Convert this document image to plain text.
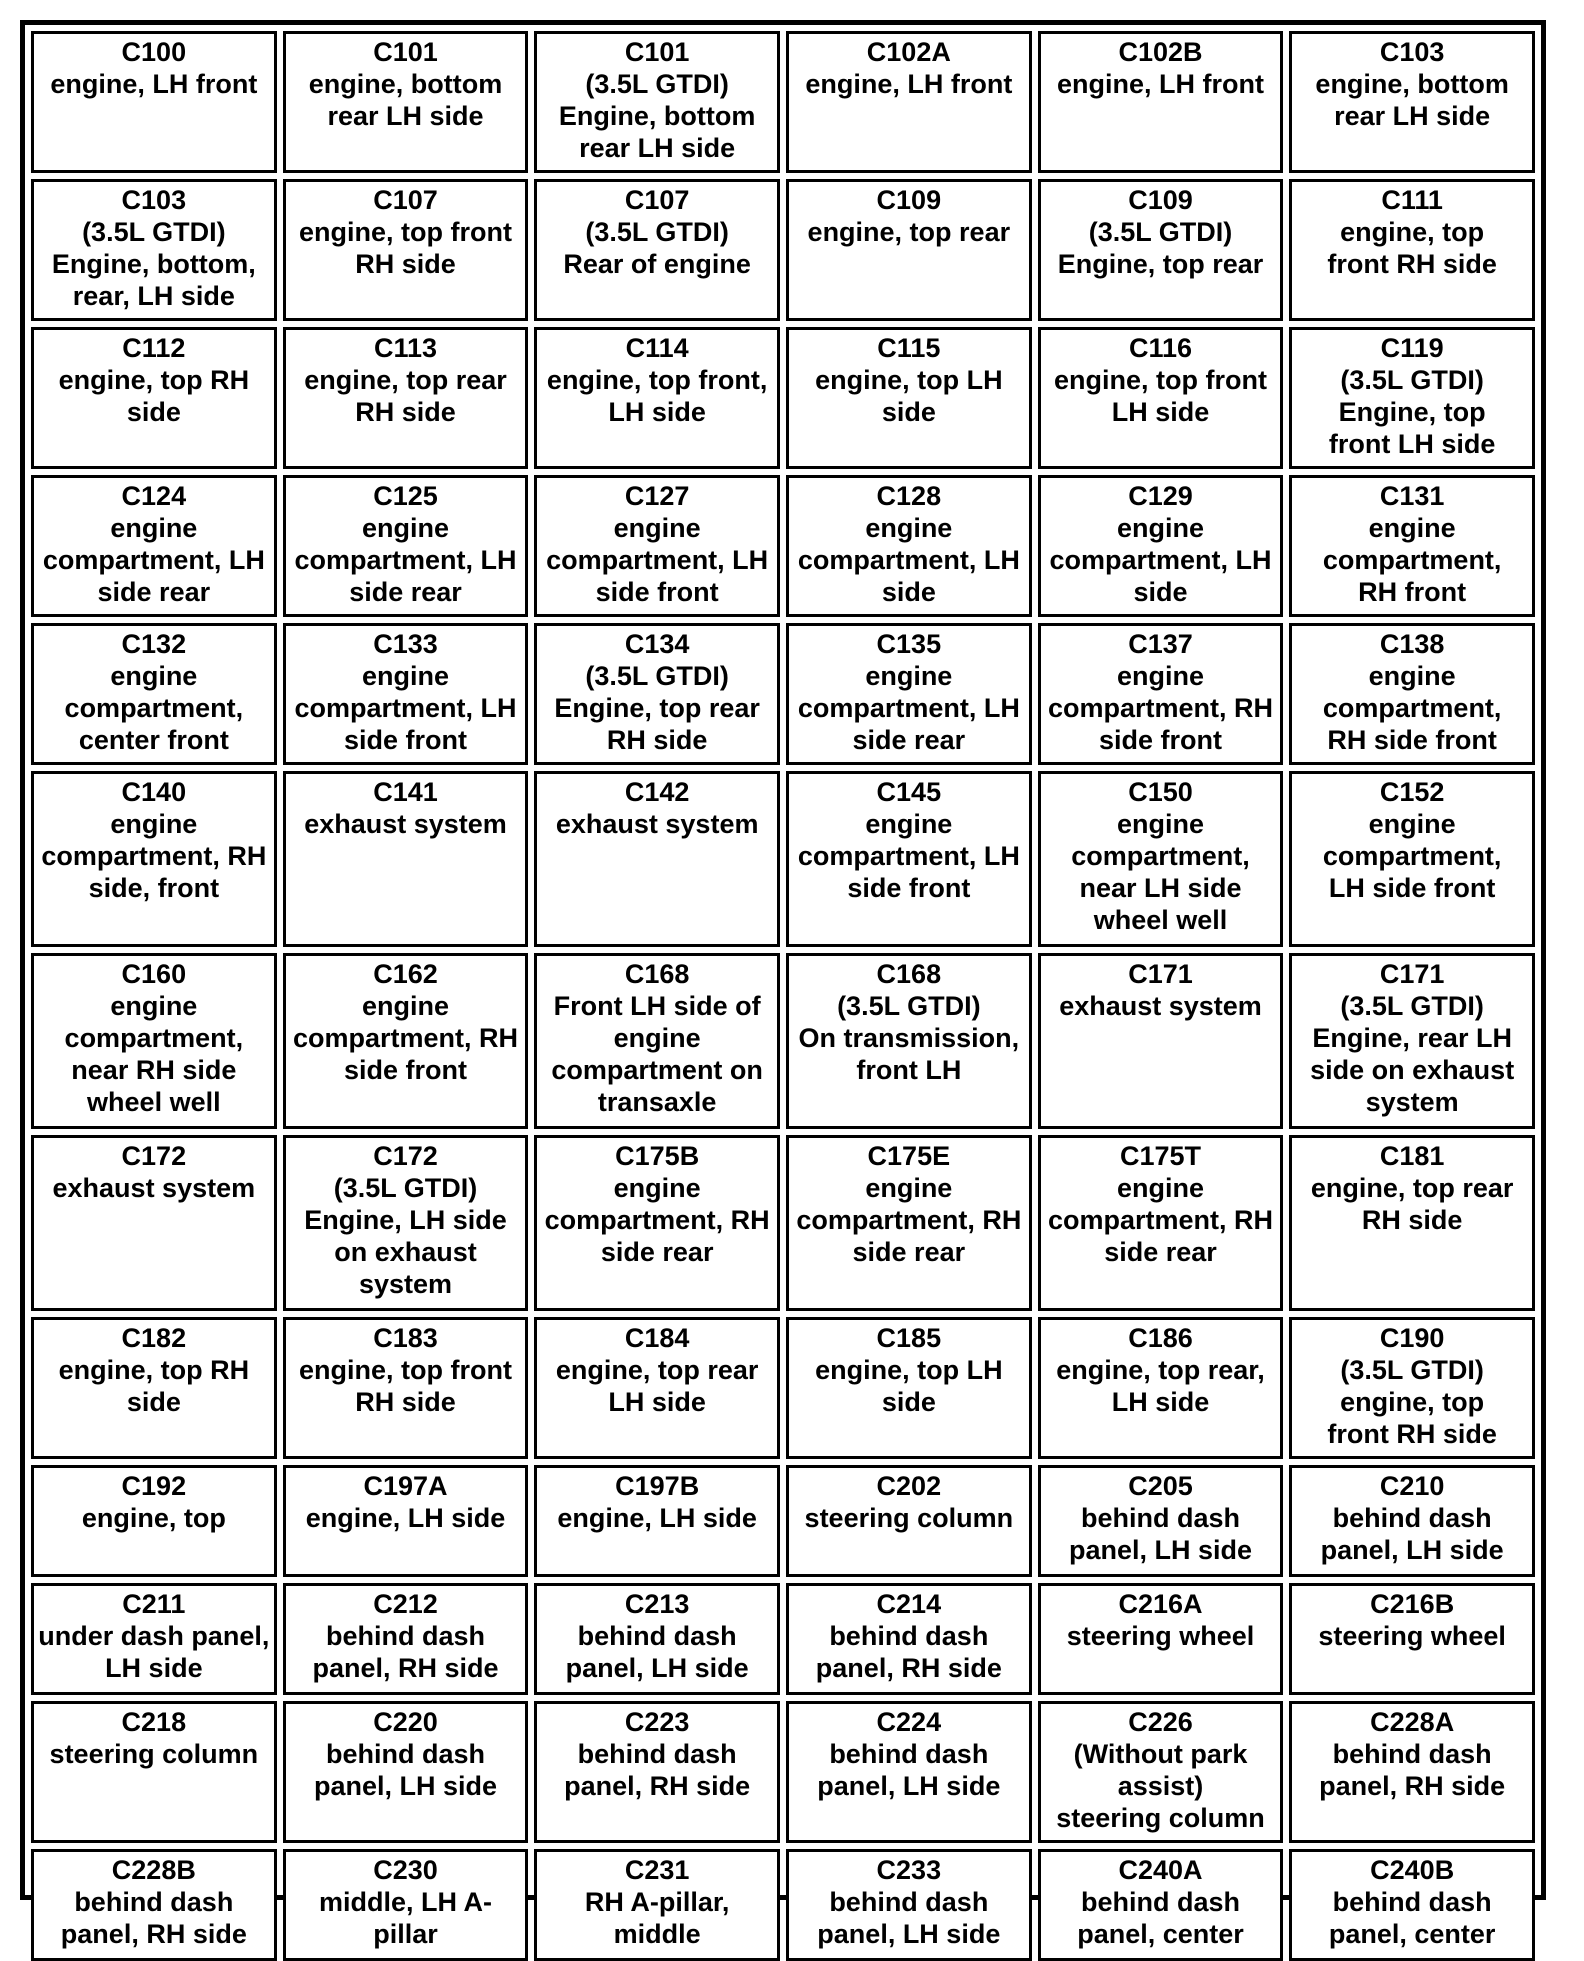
C100
engine, LH front
C101
engine, bottom
rear LH side
C101
(3.5L GTDI)
Engine, bottom
rear LH side
C102A
engine, LH front
C102B
engine, LH front
C103
engine, bottom
rear LH side
C103
(3.5L GTDI)
Engine, bottom,
rear, LH side
C107
engine, top front
RH side
C107
(3.5L GTDI)
Rear of engine
C109
engine, top rear
C109
(3.5L GTDI)
Engine, top rear
C111
engine, top
front RH side
C112
engine, top RH
side
C113
engine, top rear
RH side
C114
engine, top front,
LH side
C115
engine, top LH
side
C116
engine, top front
LH side
C119
(3.5L GTDI)
Engine, top
front LH side
C124
engine
compartment, LH
side rear
C125
engine
compartment, LH
side rear
C127
engine
compartment, LH
side front
C128
engine
compartment, LH
side
C129
engine
compartment, LH
side
C131
engine
compartment,
RH front
C132
engine
compartment,
center front
C133
engine
compartment, LH
side front
C134
(3.5L GTDI)
Engine, top rear
RH side
C135
engine
compartment, LH
side rear
C137
engine
compartment, RH
side front
C138
engine
compartment,
RH side front
C140
engine
compartment, RH
side, front
C141
exhaust system
C142
exhaust system
C145
engine
compartment, LH
side front
C150
engine
compartment,
near LH side
wheel well
C152
engine
compartment,
LH side front
C160
engine
compartment,
near RH side
wheel well
C162
engine
compartment, RH
side front
C168
Front LH side of
engine
compartment on
transaxle
C168
(3.5L GTDI)
On transmission,
front LH
C171
exhaust system
C171
(3.5L GTDI)
Engine, rear LH
side on exhaust
system
C172
exhaust system
C172
(3.5L GTDI)
Engine, LH side
on exhaust
system
C175B
engine
compartment, RH
side rear
C175E
engine
compartment, RH
side rear
C175T
engine
compartment, RH
side rear
C181
engine, top rear
RH side
C182
engine, top RH
side
C183
engine, top front
RH side
C184
engine, top rear
LH side
C185
engine, top LH
side
C186
engine, top rear,
LH side
C190
(3.5L GTDI)
engine, top
front RH side
C192
engine, top
C197A
engine, LH side
C197B
engine, LH side
C202
steering column
C205
behind dash
panel, LH side
C210
behind dash
panel, LH side
C211
under dash panel,
LH side
C212
behind dash
panel, RH side
C213
behind dash
panel, LH side
C214
behind dash
panel, RH side
C216A
steering wheel
C216B
steering wheel
C218
steering column
C220
behind dash
panel, LH side
C223
behind dash
panel, RH side
C224
behind dash
panel, LH side
C226
(Without park
assist)
steering column
C228A
behind dash
panel, RH side
C228B
behind dash
panel, RH side
C230
middle, LH A-
pillar
C231
RH A-pillar,
middle
C233
behind dash
panel, LH side
C240A
behind dash
panel, center
C240B
behind dash
panel, center
